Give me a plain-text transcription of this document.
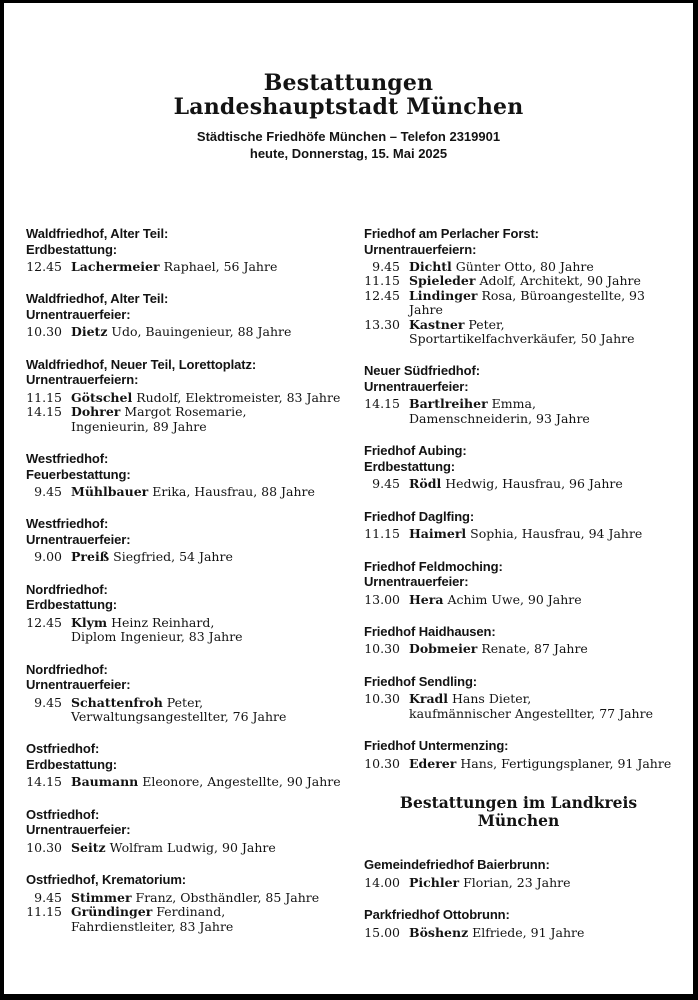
Bestattungen
Landeshauptstadt München
Städtische Friedhöfe München – Telefon 2319901
heute, Donnerstag, 15. Mai 2025
Waldfriedhof, Alter Teil:
Erdbestattung:
12.45 Lachermeier Raphael, 56 Jahre
Waldfriedhof, Alter Teil:
Urnentrauerfeier:
10.30 Dietz Udo, Bauingenieur, 88 Jahre
Waldfriedhof, Neuer Teil, Lorettoplatz:
Urnentrauerfeiern:
11.15 Götschel Rudolf, Elektromeister, 83 Jahre
14.15 Dohrer Margot Rosemarie,
Ingenieurin, 89 Jahre
Westfriedhof:
Feuerbestattung:
9.45 Mühlbauer Erika, Hausfrau, 88 Jahre
Westfriedhof:
Urnentrauerfeier:
9.00 Preiß Siegfried, 54 Jahre
Nordfriedhof:
Erdbestattung:
12.45 Klym Heinz Reinhard,
Diplom Ingenieur, 83 Jahre
Nordfriedhof:
Urnentrauerfeier:
9.45 Schattenfroh Peter,
Verwaltungsangestellter, 76 Jahre
Ostfriedhof:
Erdbestattung:
14.15 Baumann Eleonore, Angestellte, 90 Jahre
Ostfriedhof:
Urnentrauerfeier:
10.30 Seitz Wolfram Ludwig, 90 Jahre
Ostfriedhof, Krematorium:
9.45 Stimmer Franz, Obsthändler, 85 Jahre
11.15 Gründinger Ferdinand,
Fahrdienstleiter, 83 Jahre
Friedhof am Perlacher Forst:
Urnentrauerfeiern:
9.45 Dichtl Günter Otto, 80 Jahre
11.15 Spieleder Adolf, Architekt, 90 Jahre
12.45 Lindinger Rosa, Büroangestellte, 93 Jahre
13.30 Kastner Peter,
Sportartikelfachverkäufer, 50 Jahre
Neuer Südfriedhof:
Urnentrauerfeier:
14.15 Bartlreiher Emma,
Damenschneiderin, 93 Jahre
Friedhof Aubing:
Erdbestattung:
9.45 Rödl Hedwig, Hausfrau, 96 Jahre
Friedhof Daglfing:
11.15 Haimerl Sophia, Hausfrau, 94 Jahre
Friedhof Feldmoching:
Urnentrauerfeier:
13.00 Hera Achim Uwe, 90 Jahre
Friedhof Haidhausen:
10.30 Dobmeier Renate, 87 Jahre
Friedhof Sendling:
10.30 Kradl Hans Dieter,
kaufmännischer Angestellter, 77 Jahre
Friedhof Untermenzing:
10.30 Ederer Hans, Fertigungsplaner, 91 Jahre
Bestattungen im Landkreis München
Gemeindefriedhof Baierbrunn:
14.00 Pichler Florian, 23 Jahre
Parkfriedhof Ottobrunn:
15.00 Böshenz Elfriede, 91 Jahre
